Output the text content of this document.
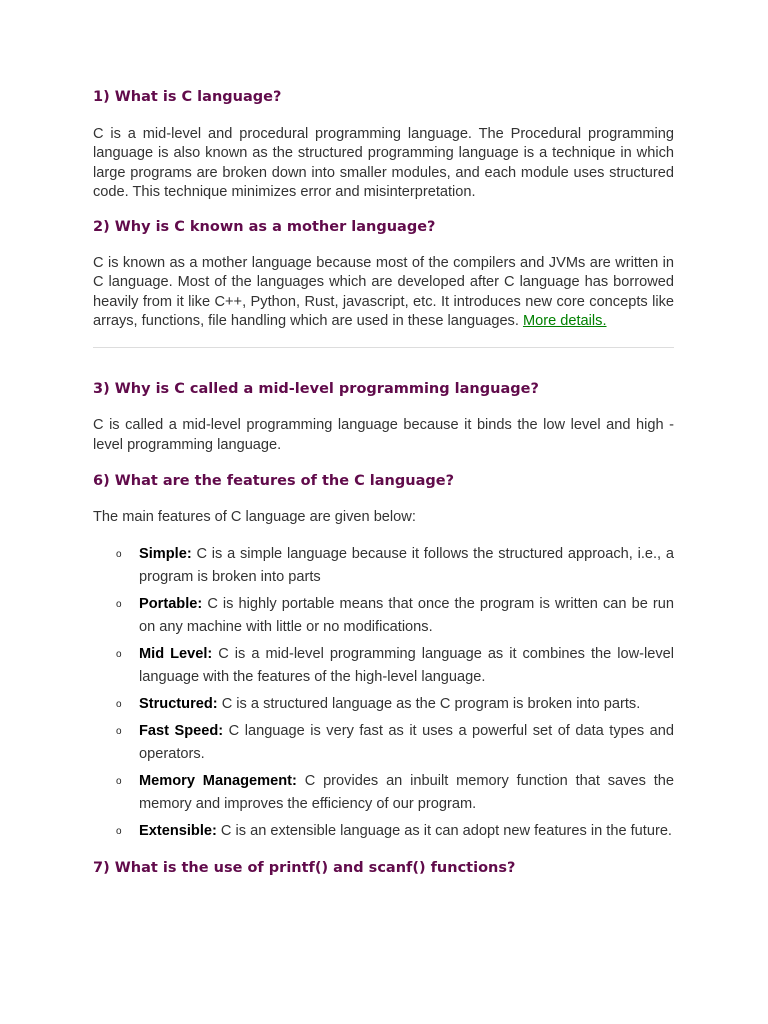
1) What is C language?

C is a mid-level and procedural programming language. The Procedural programming language is also known as the structured programming language is a technique in which large programs are broken down into smaller modules, and each module uses structured code. This technique minimizes error and misinterpretation.

2) Why is C known as a mother language?

C is known as a mother language because most of the compilers and JVMs are written in C language. Most of the languages which are developed after C language has borrowed heavily from it like C++, Python, Rust, javascript, etc. It introduces new core concepts like arrays, functions, file handling which are used in these languages. More details.

3) Why is C called a mid-level programming language?

C is called a mid-level programming language because it binds the low level and high -level programming language.

6) What are the features of the C language?

The main features of C language are given below:

o Simple: C is a simple language because it follows the structured approach, i.e., a program is broken into parts
o Portable: C is highly portable means that once the program is written can be run on any machine with little or no modifications.
o Mid Level: C is a mid-level programming language as it combines the low-level language with the features of the high-level language.
o Structured: C is a structured language as the C program is broken into parts.
o Fast Speed: C language is very fast as it uses a powerful set of data types and operators.
o Memory Management: C provides an inbuilt memory function that saves the memory and improves the efficiency of our program.
o Extensible: C is an extensible language as it can adopt new features in the future.
7) What is the use of printf() and scanf() functions?
